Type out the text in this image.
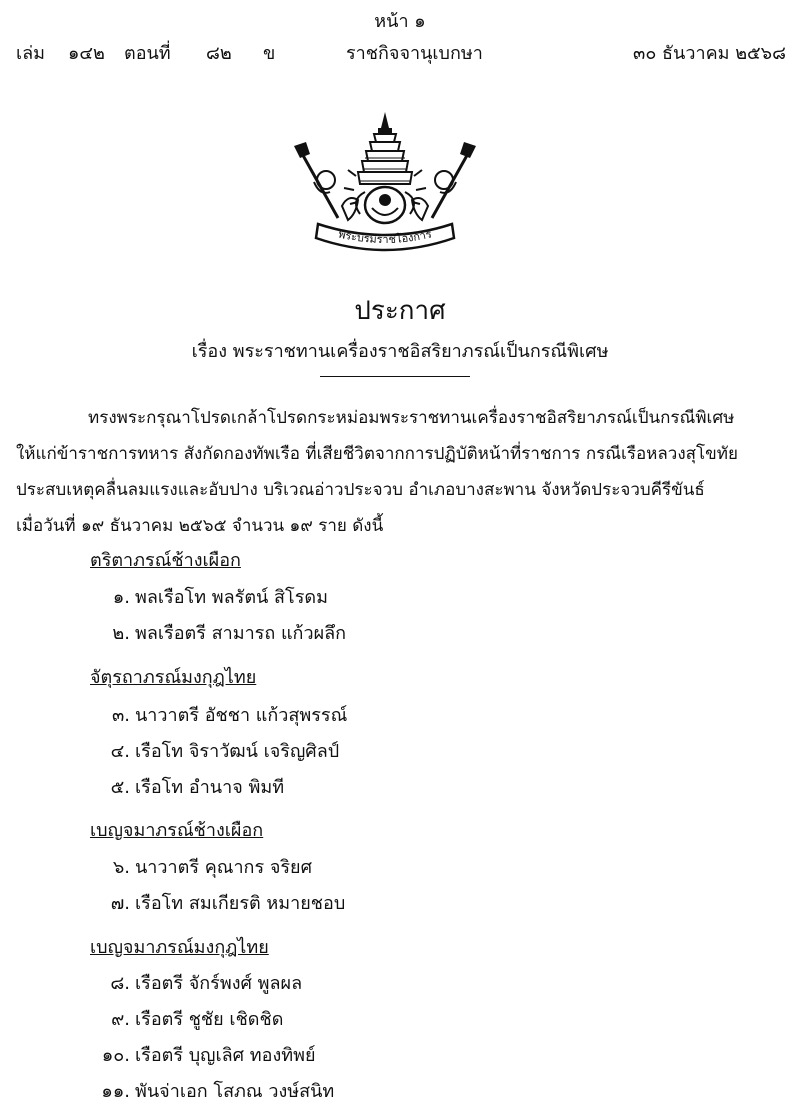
หน้า ๑
เล่ม ๑๔๒ ตอนที่ ๘๒ ข	ราชกิจจานุเบกษา	๓๐ ธันวาคม ๒๕๖๘
พระบรมราชโองการ
ประกาศ
เรื่อง พระราชทานเครื่องราชอิสริยาภรณ์เป็นกรณีพิเศษ
ทรงพระกรุณาโปรดเกล้าโปรดกระหม่อมพระราชทานเครื่องราชอิสริยาภรณ์เป็นกรณีพิเศษ
ให้แก่ข้าราชการทหาร สังกัดกองทัพเรือ ที่เสียชีวิตจากการปฏิบัติหน้าที่ราชการ กรณีเรือหลวงสุโขทัย
ประสบเหตุคลื่นลมแรงและอับปาง บริเวณอ่าวประจวบ อำเภอบางสะพาน จังหวัดประจวบคีรีขันธ์
เมื่อวันที่ ๑๙ ธันวาคม ๒๕๖๕ จำนวน ๑๙ ราย ดังนี้
ตริตาภรณ์ช้างเผือก
๑. พลเรือโท พลรัตน์ สิโรดม
๒. พลเรือตรี สามารถ แก้วผลึก
จัตุรถาภรณ์มงกุฎไทย
๓. นาวาตรี อัชชา แก้วสุพรรณ์
๔. เรือโท จิราวัฒน์ เจริญศิลป์
๕. เรือโท อำนาจ พิมที
เบญจมาภรณ์ช้างเผือก
๖. นาวาตรี คุณากร จริยศ
๗. เรือโท สมเกียรติ หมายชอบ
เบญจมาภรณ์มงกุฎไทย
๘. เรือตรี จักร์พงศ์ พูลผล
๙. เรือตรี ชูชัย เชิดชิด
๑๐. เรือตรี บุญเลิศ ทองทิพย์
๑๑. พันจ่าเอก โสภณ วงษ์สนิท
